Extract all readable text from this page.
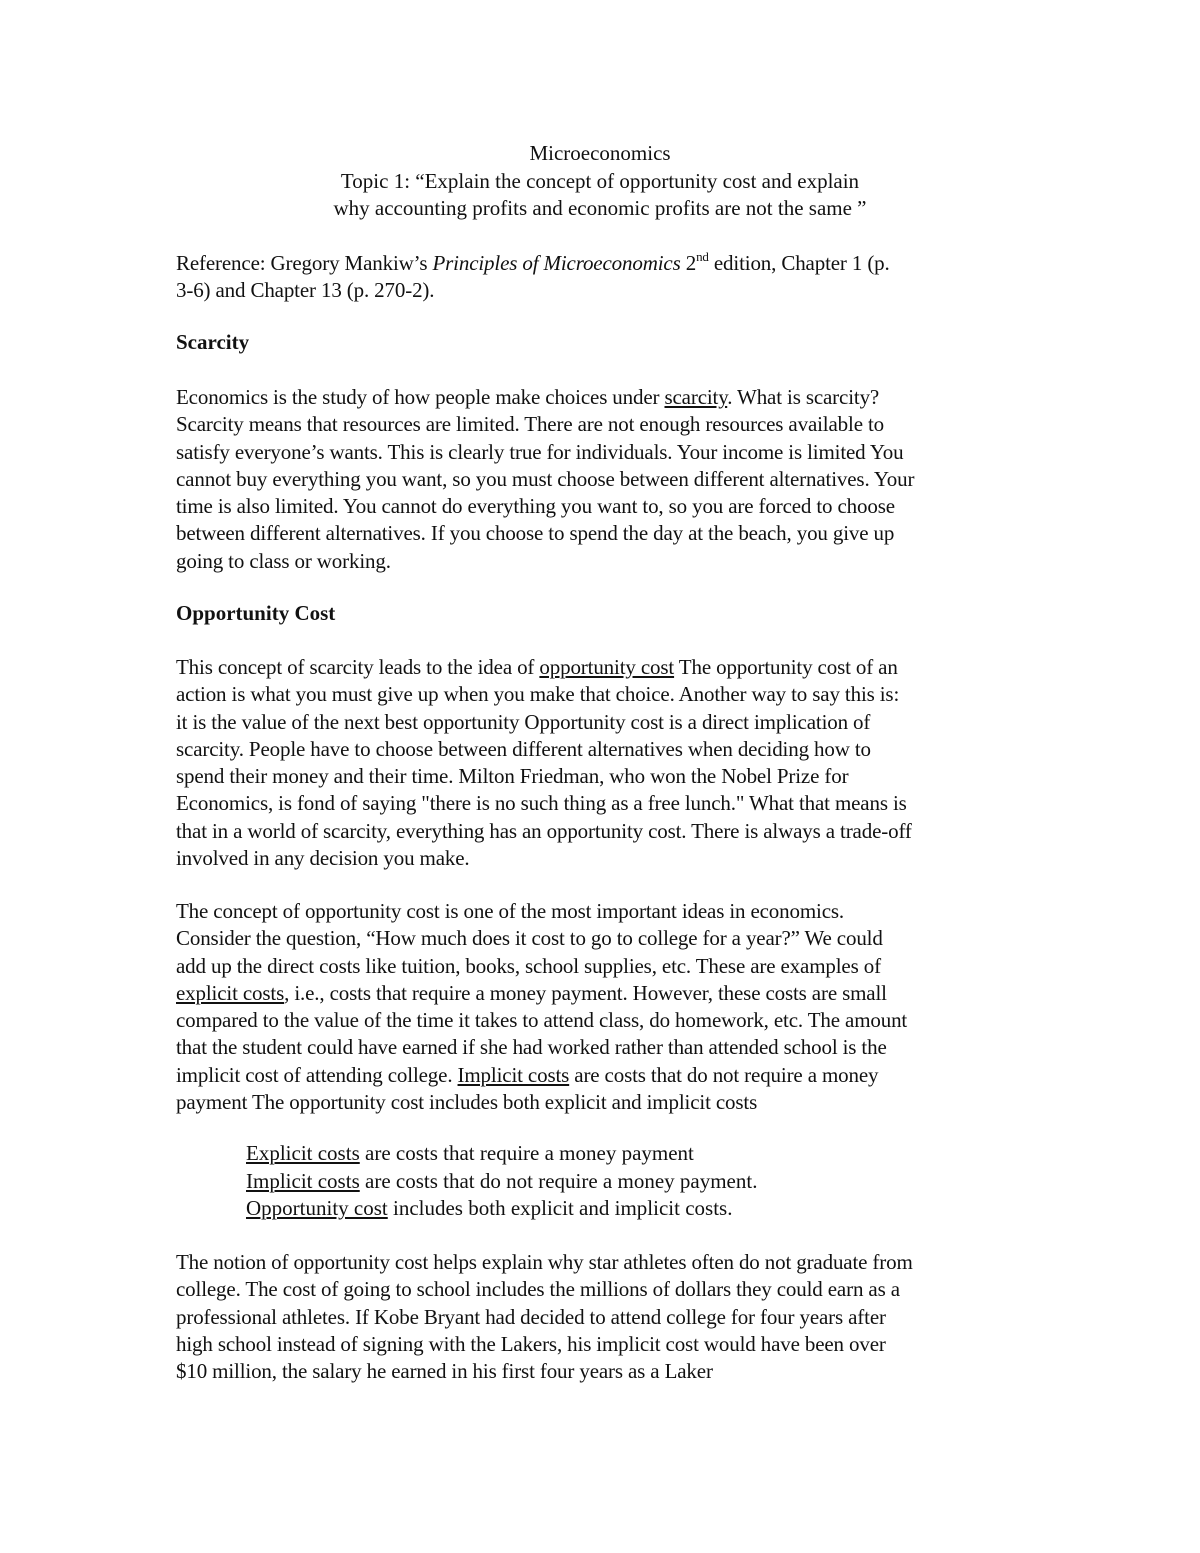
Microeconomics
Topic 1: “Explain the concept of opportunity cost and explain
why accounting profits and economic profits are not the same ”
Reference: Gregory Mankiw’s Principles of Microeconomics 2nd edition, Chapter 1 (p.
3-6) and Chapter 13 (p. 270-2).
Scarcity
Economics is the study of how people make choices under scarcity. What is scarcity?
Scarcity means that resources are limited. There are not enough resources available to
satisfy everyone’s wants. This is clearly true for individuals. Your income is limited You
cannot buy everything you want, so you must choose between different alternatives. Your
time is also limited. You cannot do everything you want to, so you are forced to choose
between different alternatives. If you choose to spend the day at the beach, you give up
going to class or working.
Opportunity Cost
This concept of scarcity leads to the idea of opportunity cost The opportunity cost of an
action is what you must give up when you make that choice. Another way to say this is:
it is the value of the next best opportunity Opportunity cost is a direct implication of
scarcity. People have to choose between different alternatives when deciding how to
spend their money and their time. Milton Friedman, who won the Nobel Prize for
Economics, is fond of saying "there is no such thing as a free lunch." What that means is
that in a world of scarcity, everything has an opportunity cost. There is always a trade-off
involved in any decision you make.
The concept of opportunity cost is one of the most important ideas in economics.
Consider the question, “How much does it cost to go to college for a year?” We could
add up the direct costs like tuition, books, school supplies, etc. These are examples of
explicit costs, i.e., costs that require a money payment. However, these costs are small
compared to the value of the time it takes to attend class, do homework, etc. The amount
that the student could have earned if she had worked rather than attended school is the
implicit cost of attending college. Implicit costs are costs that do not require a money
payment The opportunity cost includes both explicit and implicit costs
Explicit costs are costs that require a money payment
Implicit costs are costs that do not require a money payment.
Opportunity cost includes both explicit and implicit costs.
The notion of opportunity cost helps explain why star athletes often do not graduate from
college. The cost of going to school includes the millions of dollars they could earn as a
professional athletes. If Kobe Bryant had decided to attend college for four years after
high school instead of signing with the Lakers, his implicit cost would have been over
$10 million, the salary he earned in his first four years as a Laker
